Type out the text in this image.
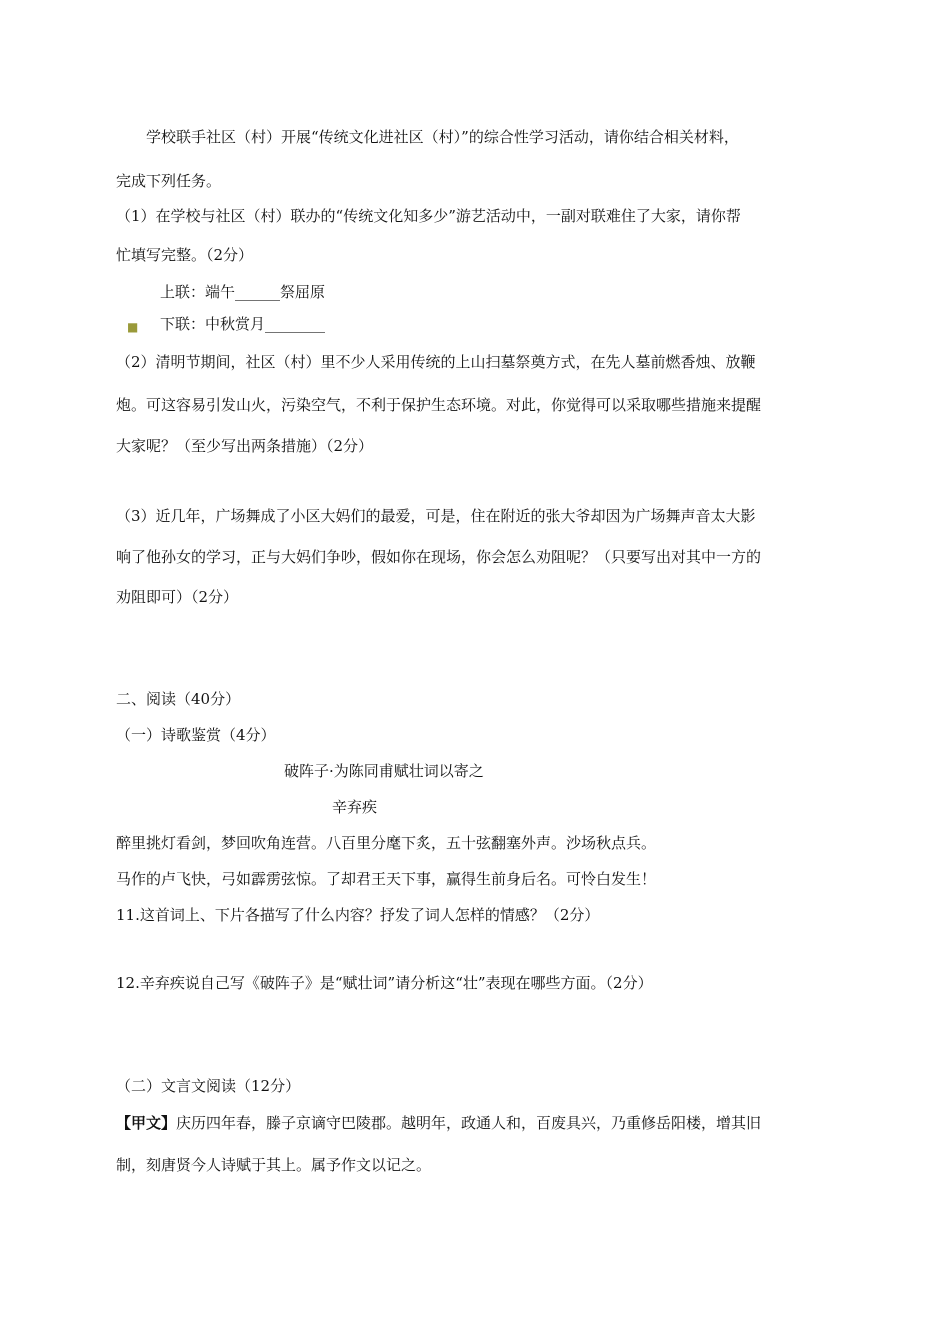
学校联手社区（村）开展“传统文化进社区（村）”的综合性学习活动，请你结合相关材料，
完成下列任务。
（1）在学校与社区（村）联办的“传统文化知多少”游艺活动中，一副对联难住了大家，请你帮
忙填写完整。（2分）
上联：端午______祭屈原
■ 下联：中秋赏月________
（2）清明节期间，社区（村）里不少人采用传统的上山扫墓祭奠方式，在先人墓前燃香烛、放鞭
炮。可这容易引发山火，污染空气，不利于保护生态环境。对此，你觉得可以采取哪些措施来提醒
大家呢？（至少写出两条措施）（2分）
（3）近几年，广场舞成了小区大妈们的最爱，可是，住在附近的张大爷却因为广场舞声音太大影
响了他孙女的学习，正与大妈们争吵，假如你在现场，你会怎么劝阻呢？（只要写出对其中一方的
劝阻即可）（2分）
二、阅读（40分）
（一）诗歌鉴赏（4分）
破阵子·为陈同甫赋壮词以寄之
辛弃疾
醉里挑灯看剑，梦回吹角连营。八百里分麾下炙，五十弦翻塞外声。沙场秋点兵。
马作的卢飞快，弓如霹雳弦惊。了却君王天下事，赢得生前身后名。可怜白发生！
11.这首词上、下片各描写了什么内容？抒发了词人怎样的情感？（2分）
12.辛弃疾说自己写《破阵子》是“赋壮词”请分析这“壮”表现在哪些方面。（2分）
（二）文言文阅读（12分）
【甲文】庆历四年春，滕子京谪守巴陵郡。越明年，政通人和，百废具兴，乃重修岳阳楼，增其旧
制，刻唐贤今人诗赋于其上。属予作文以记之。
